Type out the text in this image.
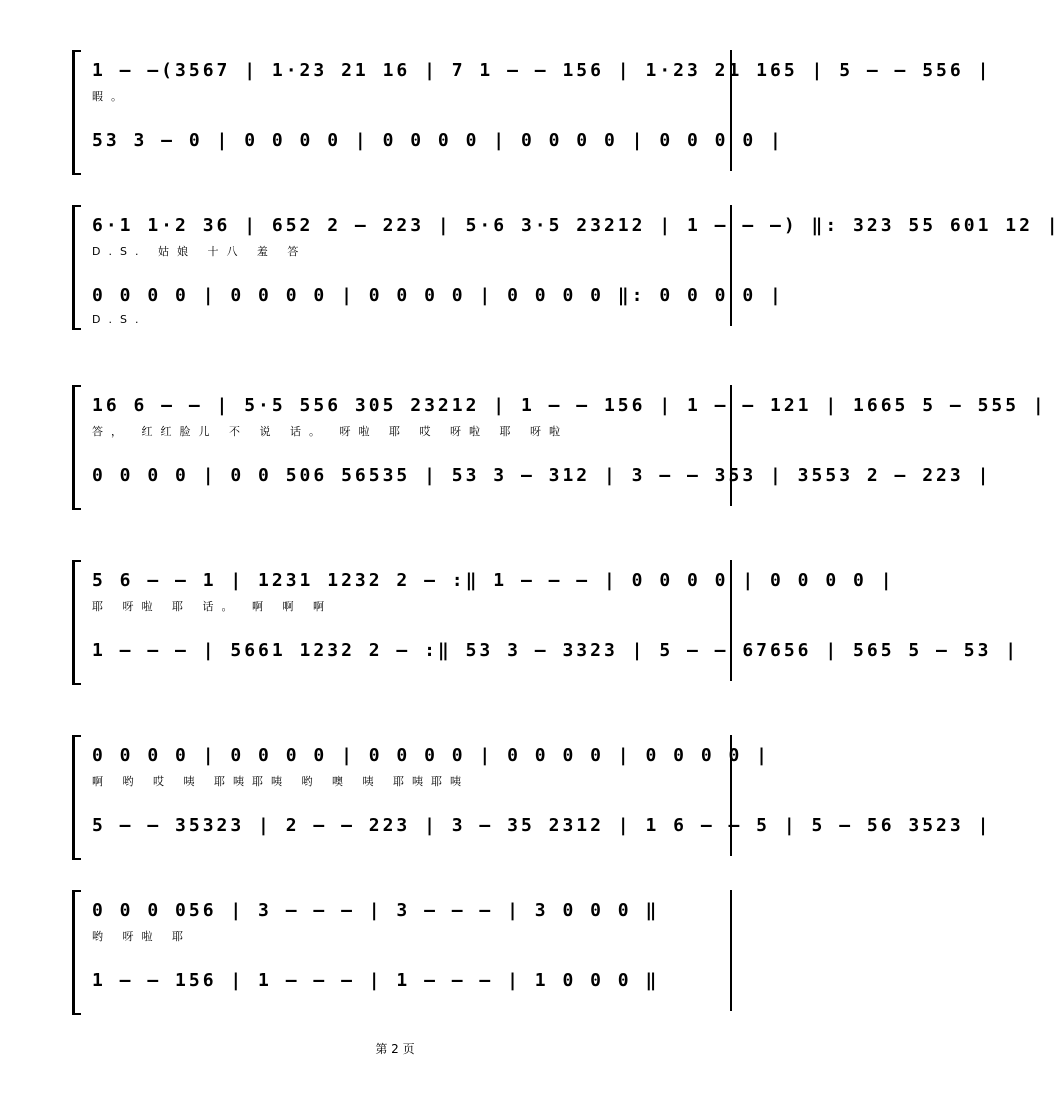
1 – –(3567 | 1·23 21 16 | 7 1 – – 156 | 1·23 21 165 | 5 – – 556 |
暇。
53 3 – 0 | 0 0 0 0 | 0 0 0 0 | 0 0 0 0 | 0 0 0 0 |
6·1 1·2 36 | 652 2 – 223 | 5·6 3·5 23212 | 1 – – –) ‖: 323 55 601 12 |
D.S. 姑娘 十八 羞 答
0 0 0 0 | 0 0 0 0 | 0 0 0 0 | 0 0 0 0 ‖: 0 0 0 0 |
D.S.
16 6 – – | 5·5 556 305 23212 | 1 – – 156 | 1 – – 121 | 1665 5 – 555 |
答， 红红脸儿 不 说 话。 呀啦 耶 哎 呀啦 耶 呀啦
0 0 0 0 | 0 0 506 56535 | 53 3 – 312 | 3 – – 353 | 3553 2 – 223 |
5 6 – – 1 | 1231 1232 2 – :‖ 1 – – – | 0 0 0 0 | 0 0 0 0 |
耶 呀啦 耶 话。 啊 啊 啊
1 – – – | 5661 1232 2 – :‖ 53 3 – 3323 | 5 – – 67656 | 565 5 – 53 |
0 0 0 0 | 0 0 0 0 | 0 0 0 0 | 0 0 0 0 | 0 0 0 0 |
啊 哟 哎 咦 耶咦耶咦 哟 噢 咦 耶咦耶咦
5 – – 35323 | 2 – – 223 | 3 – 35 2312 | 1 6 – – 5 | 5 – 56 3523 |
0 0 0 056 | 3 – – – | 3 – – – | 3 0 0 0 ‖
哟 呀啦 耶
1 – – 156 | 1 – – – | 1 – – – | 1 0 0 0 ‖
第 2 页
